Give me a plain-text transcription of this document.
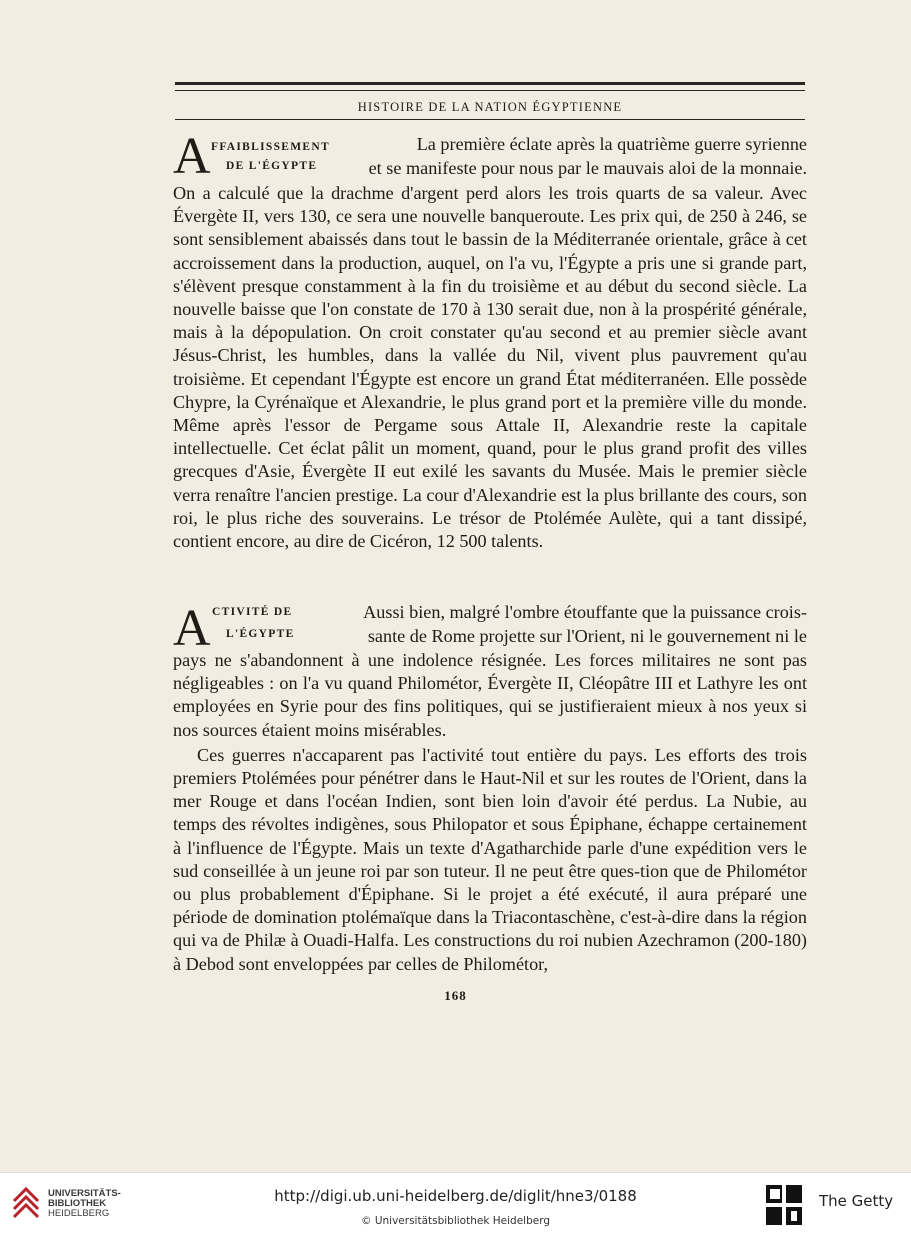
HISTOIRE DE LA NATION ÉGYPTIENNE
A FFAIBLISSEMENT
DE L'ÉGYPTE
La première éclate après la quatrième guerre syrienne
et se manifeste pour nous par le mauvais aloi de la monnaie.

On a calculé que la drachme d'argent perd alors les trois quarts de sa valeur. Avec Évergète II, vers 130, ce sera une nouvelle banqueroute. Les prix qui, de 250 à 246, se sont sensiblement abaissés dans tout le bassin de la Méditerranée orientale, grâce à cet accroissement dans la production, auquel, on l'a vu, l'Égypte a pris une si grande part, s'élèvent presque constamment à la fin du troisième et au début du second siècle. La nouvelle baisse que l'on constate de 170 à 130 serait due, non à la prospérité générale, mais à la dépopulation. On croit constater qu'au second et au premier siècle avant Jésus-Christ, les humbles, dans la vallée du Nil, vivent plus pauvrement qu'au troisième. Et cependant l'Égypte est encore un grand État méditerranéen. Elle possède Chypre, la Cyrénaïque et Alexandrie, le plus grand port et la première ville du monde. Même après l'essor de Pergame sous Attale II, Alexandrie reste la capitale intellectuelle. Cet éclat pâlit un moment, quand, pour le plus grand profit des villes grecques d'Asie, Évergète II eut exilé les savants du Musée. Mais le premier siècle verra renaître l'ancien prestige. La cour d'Alexandrie est la plus brillante des cours, son roi, le plus riche des souverains. Le trésor de Ptolémée Aulète, qui a tant dissipé, contient encore, au dire de Cicéron, 12 500 talents.

A CTIVITÉ DE
L'ÉGYPTE
Aussi bien, malgré l'ombre étouffante que la puissance crois-
sante de Rome projette sur l'Orient, ni le gouvernement ni le

pays ne s'abandonnent à une indolence résignée. Les forces militaires ne sont pas négligeables : on l'a vu quand Philométor, Évergète II, Cléopâtre III et Lathyre les ont employées en Syrie pour des fins politiques, qui se justifieraient mieux à nos yeux si nos sources étaient moins misérables.

Ces guerres n'accaparent pas l'activité tout entière du pays. Les efforts des trois premiers Ptolémées pour pénétrer dans le Haut-Nil et sur les routes de l'Orient, dans la mer Rouge et dans l'océan Indien, sont bien loin d'avoir été perdus. La Nubie, au temps des révoltes indigènes, sous Philopator et sous Épiphane, échappe certainement à l'influence de l'Égypte. Mais un texte d'Agatharchide parle d'une expédition vers le sud conseillée à un jeune roi par son tuteur. Il ne peut être ques-tion que de Philométor ou plus probablement d'Épiphane. Si le projet a été exécuté, il aura préparé une période de domination ptolémaïque dans la Triacontaschène, c'est-à-dire dans la région qui va de Philæ à Ouadi-Halfa. Les constructions du roi nubien Azechramon (200-180) à Debod sont enveloppées par celles de Philométor,

168
UNIVERSITÄTS-
BIBLIOTHEK
HEIDELBERG
http://digi.ub.uni-heidelberg.de/diglit/hne3/0188
© Universitätsbibliothek Heidelberg
The Getty
